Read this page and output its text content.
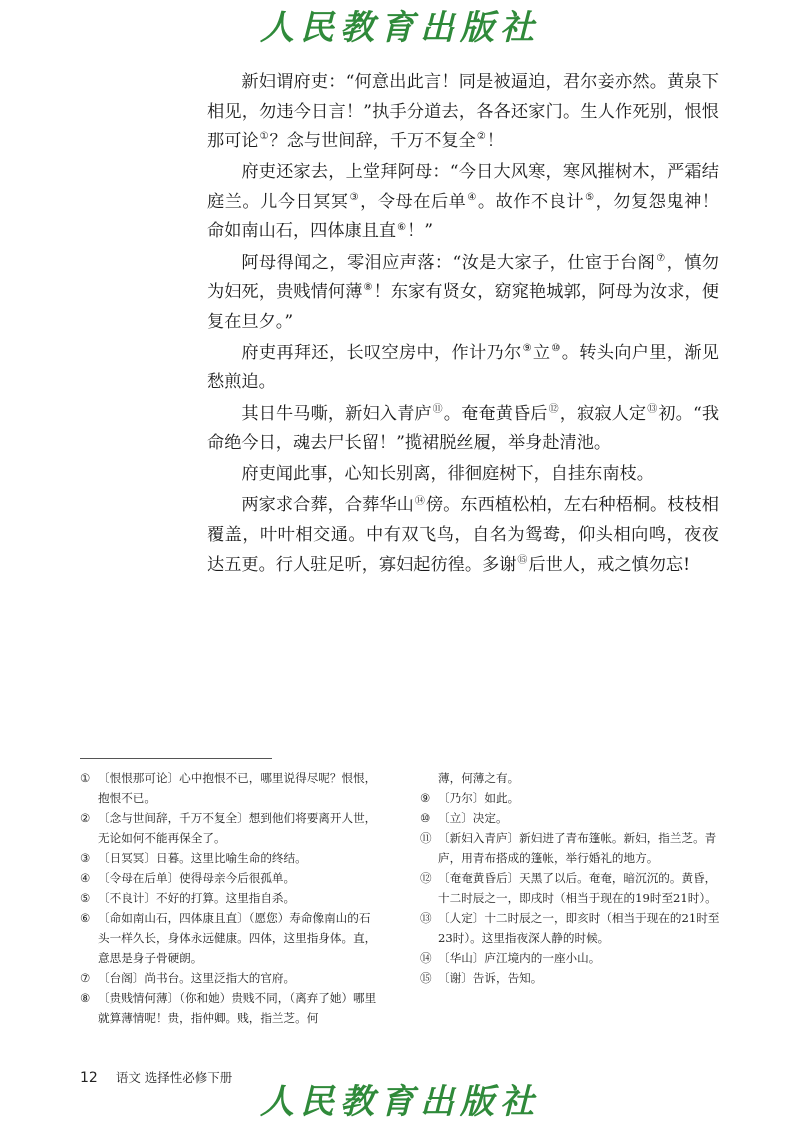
人民教育出版社

新妇谓府吏：“何意出此言！同是被逼迫，君尔妾亦然。黄泉下相见，勿违今日言！”执手分道去，各各还家门。生人作死别，恨恨那可论①？念与世间辞，千万不复全②！

府吏还家去，上堂拜阿母：“今日大风寒，寒风摧树木，严霜结庭兰。儿今日冥冥③，令母在后单④。故作不良计⑤，勿复怨鬼神！命如南山石，四体康且直⑥！”

阿母得闻之，零泪应声落：“汝是大家子，仕宦于台阁⑦，慎勿为妇死，贵贱情何薄⑧！东家有贤女，窈窕艳城郭，阿母为汝求，便复在旦夕。”

府吏再拜还，长叹空房中，作计乃尔⑨立⑩。转头向户里，渐见愁煎迫。

其日牛马嘶，新妇入青庐⑪。奄奄黄昏后⑫，寂寂人定⑬初。“我命绝今日，魂去尸长留！”揽裙脱丝履，举身赴清池。

府吏闻此事，心知长别离，徘徊庭树下，自挂东南枝。

两家求合葬，合葬华山⑭傍。东西植松柏，左右种梧桐。枝枝相覆盖，叶叶相交通。中有双飞鸟，自名为鸳鸯，仰头相向鸣，夜夜达五更。行人驻足听，寡妇起彷徨。多谢⑮后世人，戒之慎勿忘!

① 〔恨恨那可论〕心中抱恨不已，哪里说得尽呢？恨恨，抱恨不已。
② 〔念与世间辞，千万不复全〕想到他们将要离开人世，无论如何不能再保全了。
③ 〔日冥冥〕日暮。这里比喻生命的终结。
④ 〔令母在后单〕使得母亲今后很孤单。
⑤ 〔不良计〕不好的打算。这里指自杀。
⑥ 〔命如南山石，四体康且直〕（愿您）寿命像南山的石头一样久长，身体永远健康。四体，这里指身体。直，意思是身子骨硬朗。
⑦ 〔台阁〕尚书台。这里泛指大的官府。
⑧ 〔贵贱情何薄〕（你和她）贵贱不同，（离弃了她）哪里就算薄情呢！贵，指仲卿。贱，指兰芝。何
薄，何薄之有。
⑨ 〔乃尔〕如此。
⑩ 〔立〕决定。
⑪ 〔新妇入青庐〕新妇进了青布篷帐。新妇，指兰芝。青庐，用青布搭成的篷帐，举行婚礼的地方。
⑫ 〔奄奄黄昏后〕天黑了以后。奄奄，暗沉沉的。黄昏，十二时辰之一，即戌时（相当于现在的19时至21时）。
⑬ 〔人定〕十二时辰之一，即亥时（相当于现在的21时至23时）。这里指夜深人静的时候。
⑭ 〔华山〕庐江境内的一座小山。
⑮ 〔谢〕告诉，告知。
12 语文 选择性必修下册
人民教育出版社
